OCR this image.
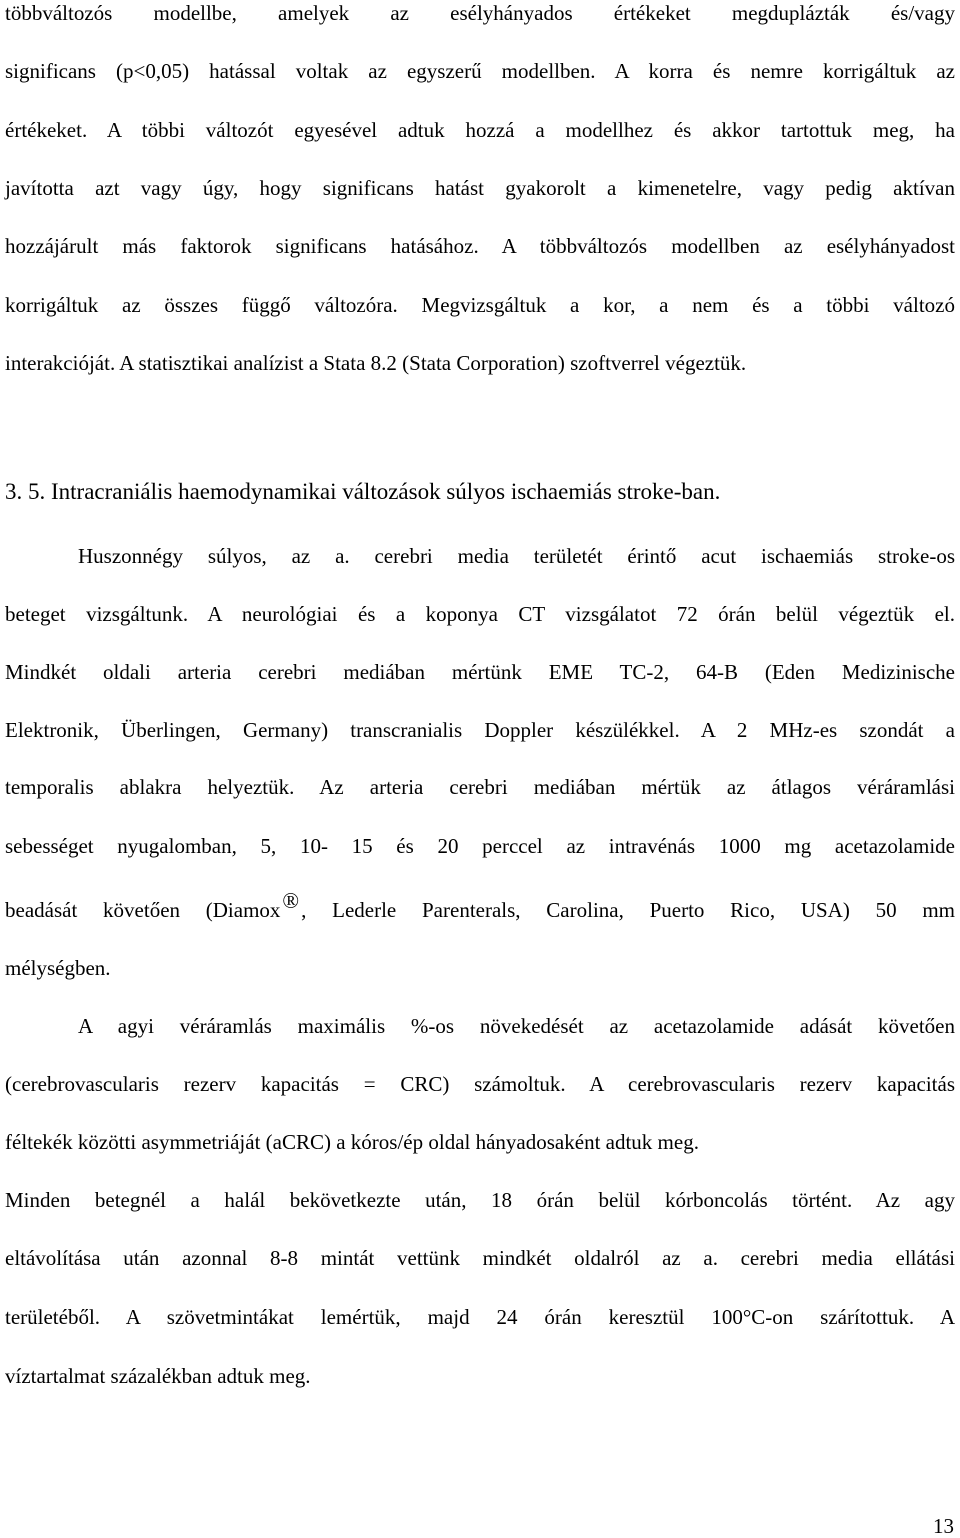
többváltozós modellbe, amelyek az esélyhányados értékeket megduplázták és/vagy
significans (p<0,05) hatással voltak az egyszerű modellben. A korra és nemre korrigáltuk az
értékeket. A többi változót egyesével adtuk hozzá a modellhez és akkor tartottuk meg, ha
javította azt vagy úgy, hogy significans hatást gyakorolt a kimenetelre, vagy pedig aktívan
hozzájárult más faktorok significans hatásához. A többváltozós modellben az esélyhányadost
korrigáltuk az összes függő változóra. Megvizsgáltuk a kor, a nem és a többi változó
interakcióját. A statisztikai analízist a Stata 8.2 (Stata Corporation) szoftverrel végeztük.
3. 5. Intracraniális haemodynamikai változások súlyos ischaemiás stroke-ban.
Huszonnégy súlyos, az a. cerebri media területét érintő acut ischaemiás stroke-os
beteget vizsgáltunk. A neurológiai és a koponya CT vizsgálatot 72 órán belül végeztük el.
Mindkét oldali arteria cerebri mediában mértünk EME TC-2, 64-B (Eden Medizinische
Elektronik, Überlingen, Germany) transcranialis Doppler készülékkel. A 2 MHz-es szondát a
temporalis ablakra helyeztük. Az arteria cerebri mediában mértük az átlagos véráramlási
sebességet nyugalomban, 5, 10- 15 és 20 perccel az intravénás 1000 mg acetazolamide
beadását követően (Diamox®, Lederle Parenterals, Carolina, Puerto Rico, USA) 50 mm
mélységben.
A agyi véráramlás maximális %-os növekedését az acetazolamide adását követően
(cerebrovascularis rezerv kapacitás = CRC) számoltuk. A cerebrovascularis rezerv kapacitás
féltekék közötti asymmetriáját (aCRC) a kóros/ép oldal hányadosaként adtuk meg.
Minden betegnél a halál bekövetkezte után, 18 órán belül kórboncolás történt. Az agy
eltávolítása után azonnal 8-8 mintát vettünk mindkét oldalról az a. cerebri media ellátási
területéből. A szövetmintákat lemértük, majd 24 órán keresztül 100°C-on szárítottuk. A
víztartalmat százalékban adtuk meg.
13
